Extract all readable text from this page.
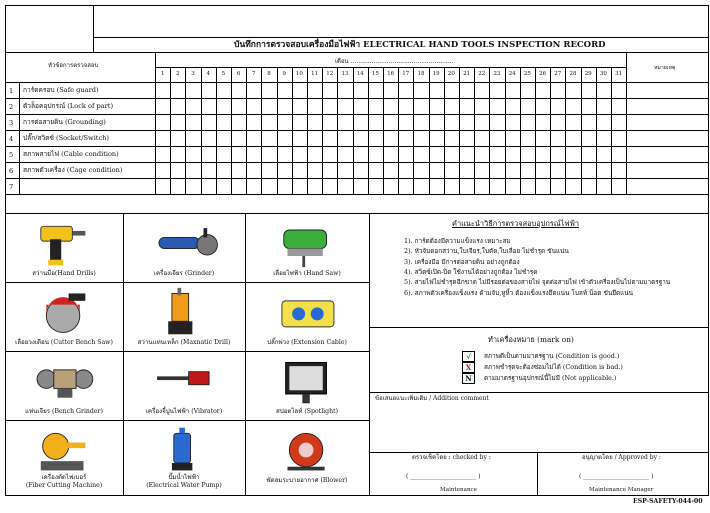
บันทึกการตรวจสอบเครื่องมือไฟฟ้า ELECTRICAL HAND TOOLS INSPECTION RECORD
หัวข้อการตรวจสอบ
เดือน ......................................................
หมายเหตุ
1	2	3	4	5	6	7	8	9	10	11	12	13	14	15	16	17	18	19	20	21	22	23	24	25	26	27	28	29	30	31
1 การ์ดครอบ (Safe guard)
2 ตัวล็อคอุปกรณ์ (Lock of part)
3 การต่อสายดิน (Grounding)
4 ปลั๊ก/สวิตซ์ (Socket/Switch)
5 สภาพสายไฟ (Cable condition)
6 สภาพตัวเครื่อง (Cage condition)
7
สว่านมือ(Hand Drills)	เครื่องเจียร (Grinder)	เลื่อยไฟฟ้า (Hand Saw)
เลื่อยวงเดือน (Cutter Bench Saw)	สว่านแท่นเหล็ก (Maxnatic Drill)	ปลั๊กพ่วง (Extension Cable)
แท่นเจียร (Bench Grinder)	เครื่องจี้ปูนไฟฟ้า (Vibrator)	สปอตไลท์ (Spotlight)
(Fiber Cutting Machine)
เครื่องตัดไฟเบอร์
(Electrical Water Pump)
ปั๊มน้ำไฟฟ้า	พัดลมระบายอากาศ (Blower)
คำแนะนำวิธีการตรวจสอบอุปกรณ์ไฟฟ้า
1). การ์ดต้องมีความแข็งแรง เหมาะสม
2). หัวจับดอกสว่าน,ใบเจียร,ใบตัด,ใบเลื่อย ไม่ชำรุด ขันแน่น
3). เครื่องมือ มีการต่อสายดิน อย่างถูกต้อง
4). สวิตซ์เปิด-ปิด ใช้งานได้อย่างถูกต้อง ไม่ชำรุด
5). สายไฟไม่ชำรุดฉีกขาด ไม่มีรอยต่อของสายไฟ จุดต่อสายไฟ เข้าตัวเครื่องเป็นไปตามมาตรฐาน
6). สภาพตัวเครื่องแข็งแรง ด้ามจับ,หูหิ้ว ต้องแข็งแรงยึดแน่น โบลท์ น็อต ขันยึดแน่น
ทำเครื่องหมาย (mark on)
√	สภาพดีเป็นตามมาตรฐาน (Condition is good.)
X	สภาพชำรุดจะต้องซ่อมไม่ได้ (Condition is bad.)
N	ตามมาตรฐานอุปกรณ์นี้ไม่มี (Not applicable.)
ข้อเสนอแนะเพิ่มเติม / Addition comment
ตรวจเช็คโดย : checked by :
( ______________________ )
Maintenance
อนุญาตโดย / Approved by :
( ______________________ )
Maintenance Manager
ESP-SAFETY-044-00
